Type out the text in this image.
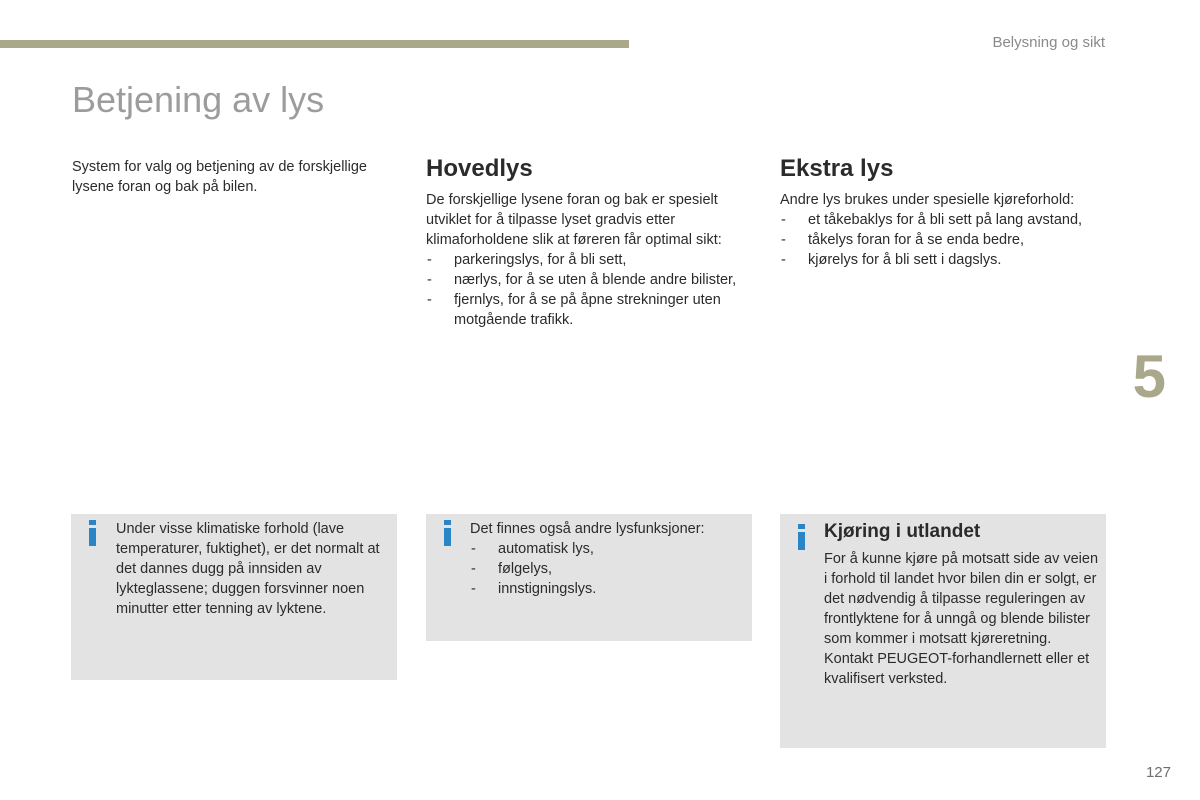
Belysning og sikt
Betjening av lys

System for valg og betjening av de forskjellige lysene foran og bak på bilen.

Hovedlys

De forskjellige lysene foran og bak er spesielt utviklet for å tilpasse lyset gradvis etter klimaforholdene slik at føreren får optimal sikt:

- parkeringslys, for å bli sett,
- nærlys, for å se uten å blende andre bilister,
- fjernlys, for å se på åpne strekninger uten motgående trafikk.
Ekstra lys

Andre lys brukes under spesielle kjøreforhold:

- et tåkebaklys for å bli sett på lang avstand,
- tåkelys foran for å se enda bedre,
- kjørelys for å bli sett i dagslys.
5

Under visse klimatiske forhold (lave temperaturer, fuktighet), er det normalt at det dannes dugg på innsiden av lykteglassene; duggen forsvinner noen minutter etter tenning av lyktene.

Det finnes også andre lysfunksjoner:

- automatisk lys,
- følgelys,
- innstigningslys.
Kjøring i utlandet

For å kunne kjøre på motsatt side av veien i forhold til landet hvor bilen din er solgt, er det nødvendig å tilpasse reguleringen av frontlyktene for å unngå og blende bilister som kommer i motsatt kjøreretning.

Kontakt PEUGEOT-forhandlernett eller et kvalifisert verksted.

127
